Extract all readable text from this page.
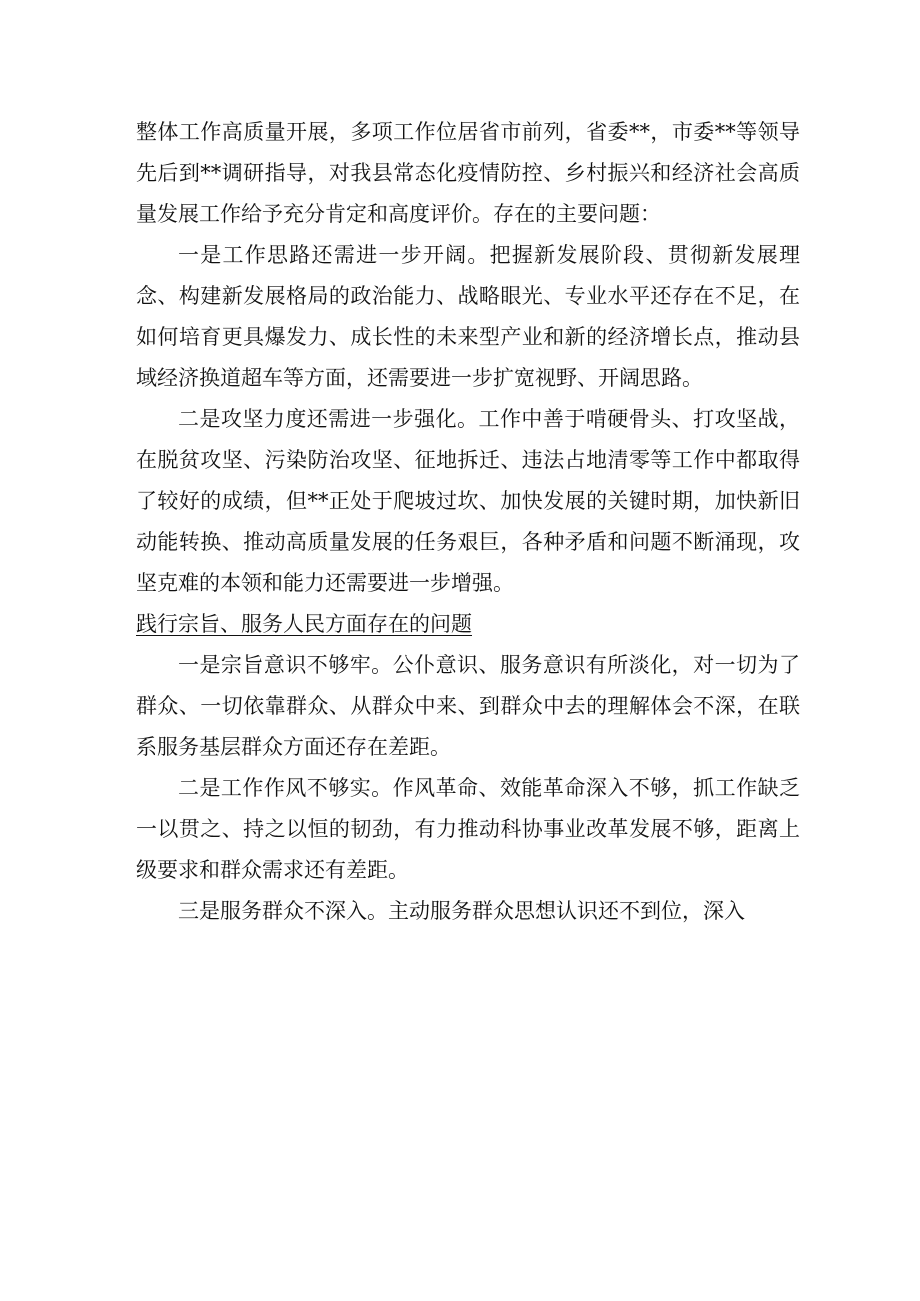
整体工作高质量开展，多项工作位居省市前列，省委**，市委**等领导先后到**调研指导，对我县常态化疫情防控、乡村振兴和经济社会高质量发展工作给予充分肯定和高度评价。存在的主要问题：

一是工作思路还需进一步开阔。把握新发展阶段、贯彻新发展理念、构建新发展格局的政治能力、战略眼光、专业水平还存在不足，在如何培育更具爆发力、成长性的未来型产业和新的经济增长点，推动县域经济换道超车等方面，还需要进一步扩宽视野、开阔思路。

二是攻坚力度还需进一步强化。工作中善于啃硬骨头、打攻坚战，在脱贫攻坚、污染防治攻坚、征地拆迁、违法占地清零等工作中都取得了较好的成绩，但**正处于爬坡过坎、加快发展的关键时期，加快新旧动能转换、推动高质量发展的任务艰巨，各种矛盾和问题不断涌现，攻坚克难的本领和能力还需要进一步增强。

践行宗旨、服务人民方面存在的问题

一是宗旨意识不够牢。公仆意识、服务意识有所淡化，对一切为了群众、一切依靠群众、从群众中来、到群众中去的理解体会不深，在联系服务基层群众方面还存在差距。

二是工作作风不够实。作风革命、效能革命深入不够，抓工作缺乏一以贯之、持之以恒的韧劲，有力推动科协事业改革发展不够，距离上级要求和群众需求还有差距。

三是服务群众不深入。主动服务群众思想认识还不到位，深入
